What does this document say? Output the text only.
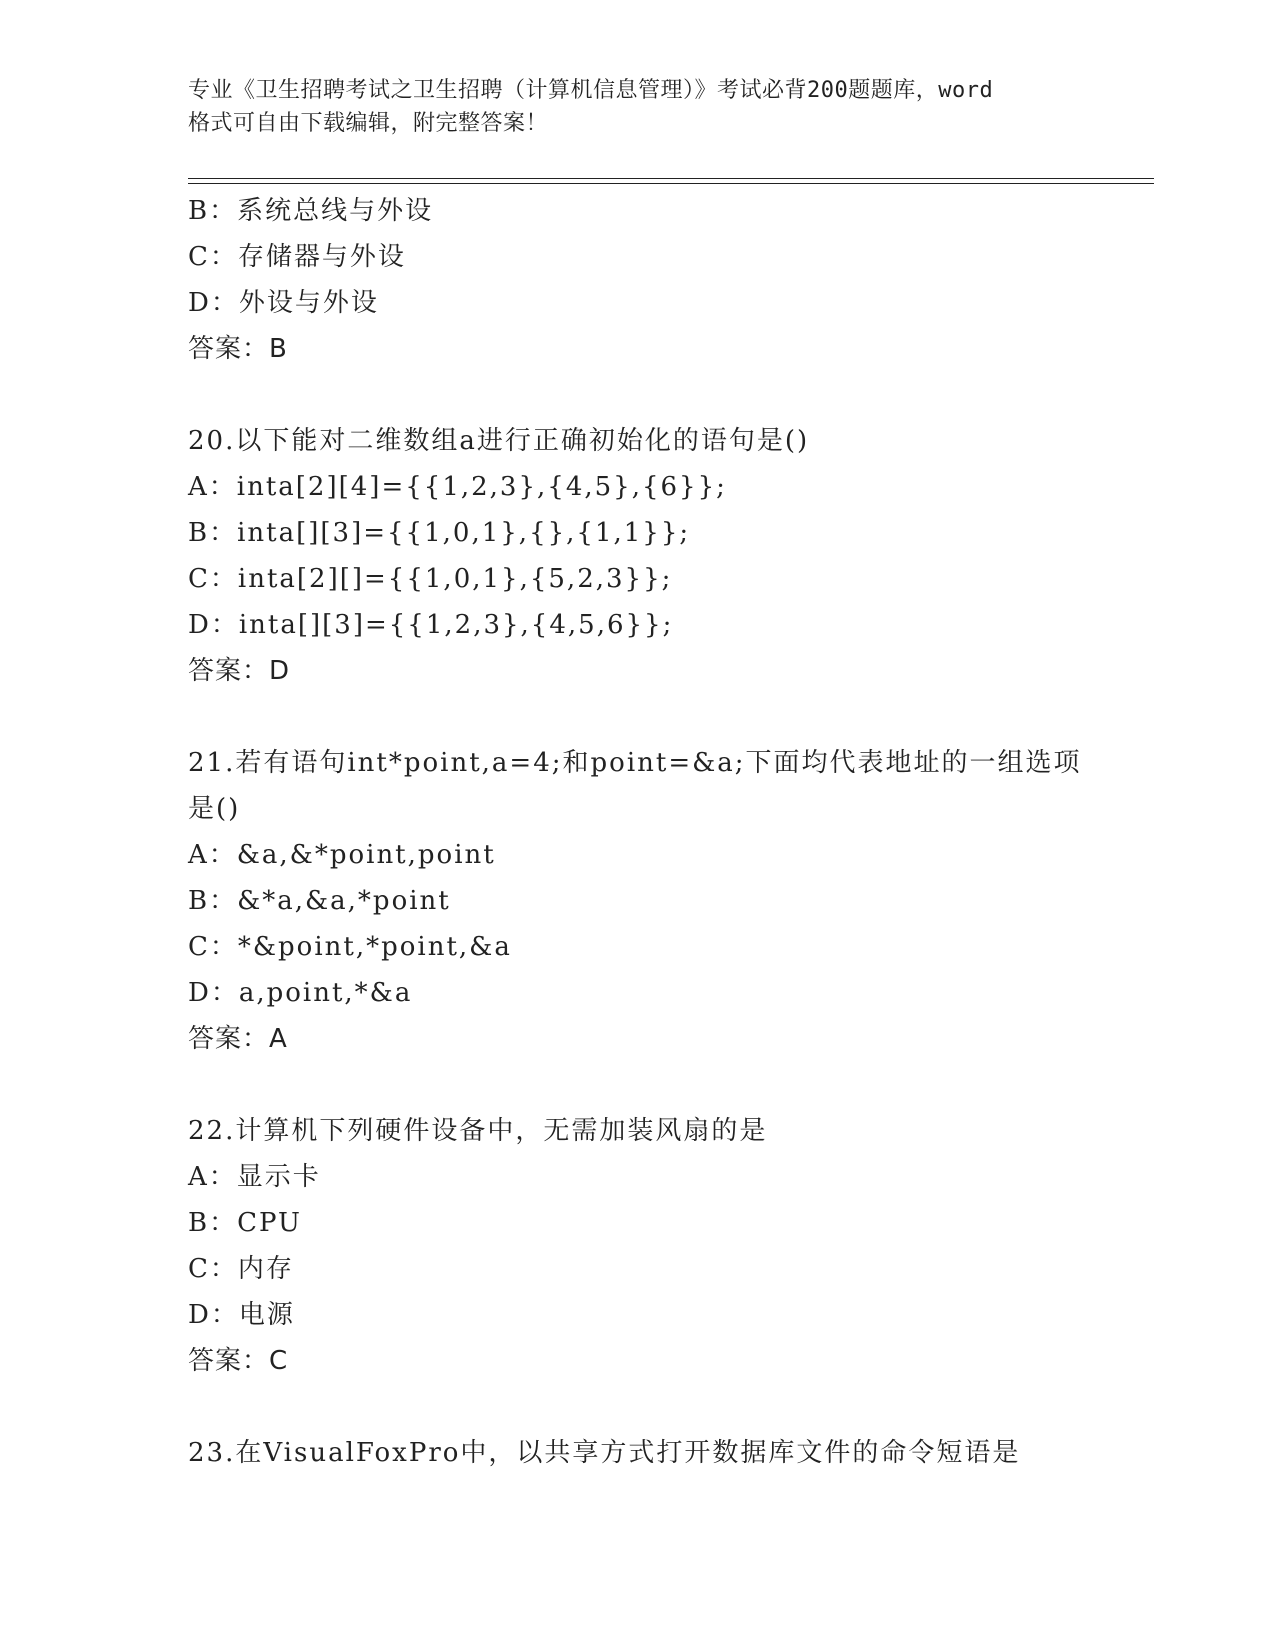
专业《卫生招聘考试之卫生招聘（计算机信息管理）》考试必背200题题库，word
格式可自由下载编辑，附完整答案！
B：系统总线与外设
C：存储器与外设
D：外设与外设
答案：B
20.以下能对二维数组a进行正确初始化的语句是()
A：inta[2][4]={{1,2,3},{4,5},{6}};
B：inta[][3]={{1,0,1},{},{1,1}};
C：inta[2][]={{1,0,1},{5,2,3}};
D：inta[][3]={{1,2,3},{4,5,6}};
答案：D
21.若有语句int*point,a=4;和point=&a;下面均代表地址的一组选项
是()
A：&a,&*point,point
B：&*a,&a,*point
C：*&point,*point,&a
D：a,point,*&a
答案：A
22.计算机下列硬件设备中，无需加装风扇的是
A：显示卡
B：CPU
C：内存
D：电源
答案：C
23.在VisualFoxPro中，以共享方式打开数据库文件的命令短语是
